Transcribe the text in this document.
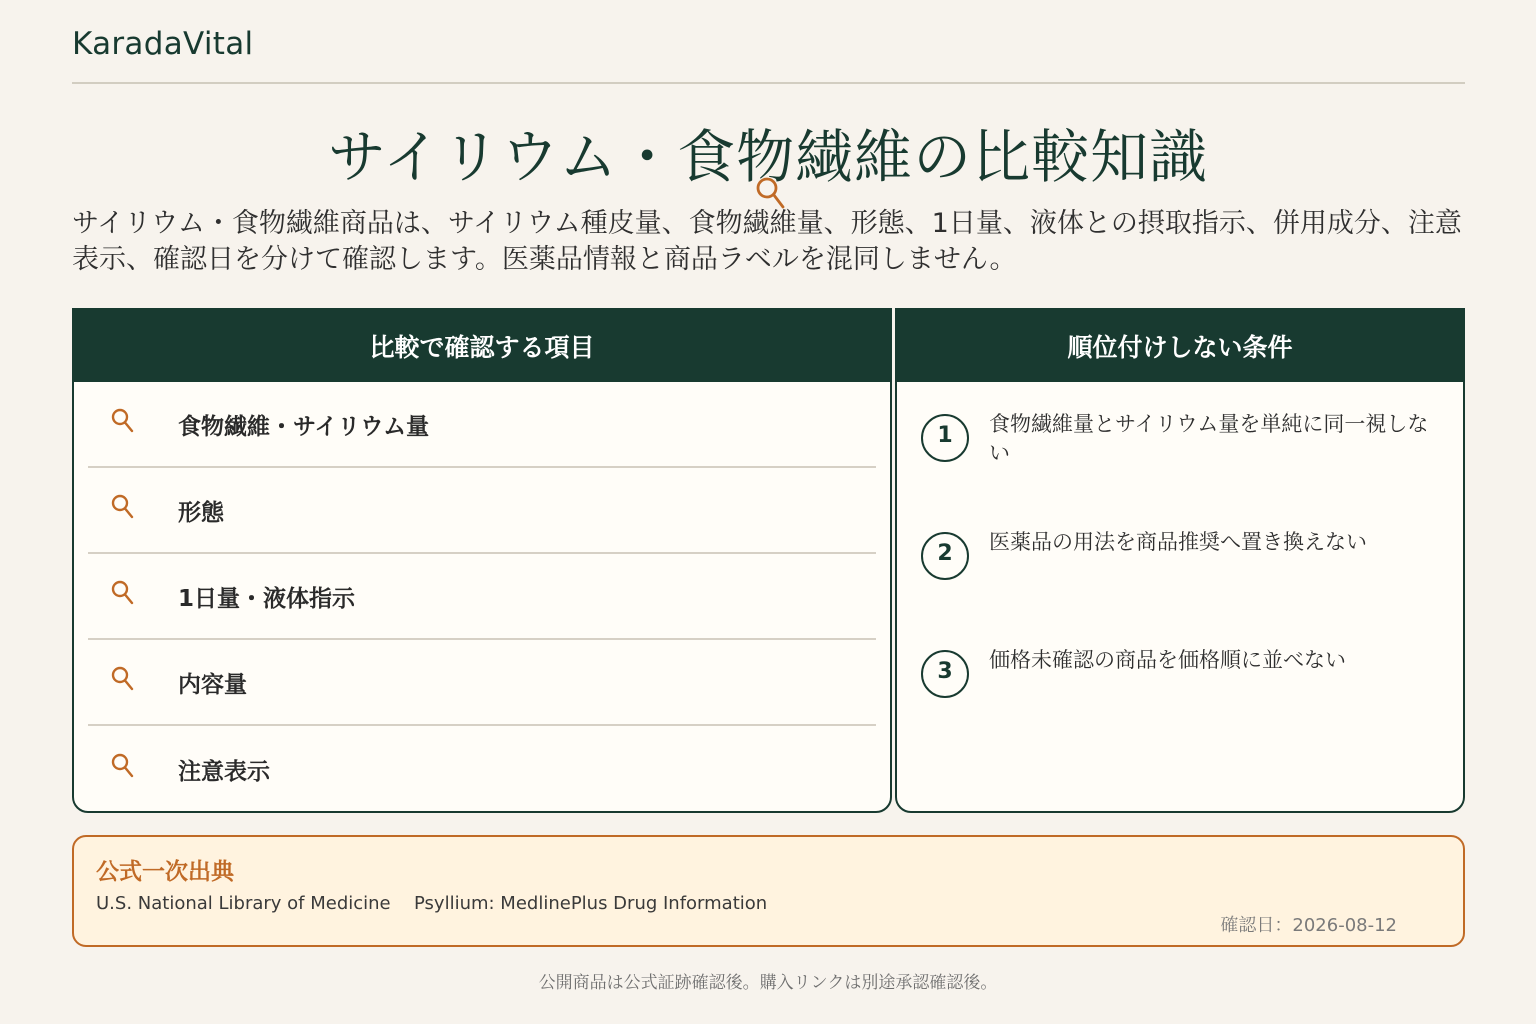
KaradaVital
サイリウム・食物繊維の比較知識

サイリウム・食物繊維商品は、サイリウム種皮量、食物繊維量、形態、1日量、液体との摂取指示、併用成分、注意表示、確認日を分けて確認します。医薬品情報と商品ラベルを混同しません。

比較で確認する項目
食物繊維・サイリウム量
形態
1日量・液体指示
内容量
注意表示
順位付けしない条件
1	食物繊維量とサイリウム量を単純に同一視しない
2	医薬品の用法を商品推奨へ置き換えない
3	価格未確認の商品を価格順に並べない
公式一次出典
U.S. National Library of Medicine Psyllium: MedlinePlus Drug Information
確認日：2026-08-12
公開商品は公式証跡確認後。購入リンクは別途承認確認後。
